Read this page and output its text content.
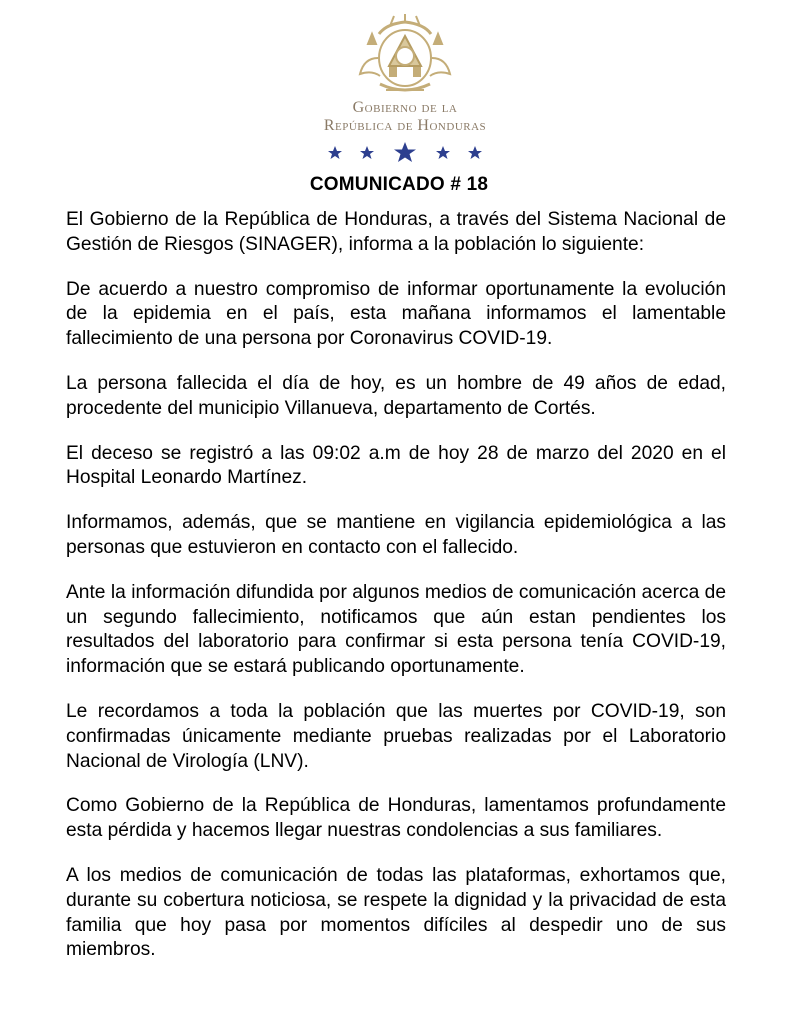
Gobierno de la
República de Honduras
COMUNICADO # 18

El Gobierno de la República de Honduras, a través del Sistema Nacional de Gestión de Riesgos (SINAGER), informa a la población lo siguiente:

De acuerdo a nuestro compromiso de informar oportunamente la evolución de la epidemia en el país, esta mañana informamos el lamentable fallecimiento de una persona por Coronavirus COVID-19.

La persona fallecida el día de hoy, es un hombre de 49 años de edad, procedente del municipio Villanueva, departamento de Cortés.

El deceso se registró a las 09:02 a.m de hoy 28 de marzo del 2020 en el Hospital Leonardo Martínez.

Informamos, además, que se mantiene en vigilancia epidemiológica a las personas que estuvieron en contacto con el fallecido.

Ante la información difundida por algunos medios de comunicación acerca de un segundo fallecimiento, notificamos que aún estan pendientes los resultados del laboratorio para confirmar si esta persona tenía COVID-19, información que se estará publicando oportunamente.

Le recordamos a toda la población que las muertes por COVID-19, son confirmadas únicamente mediante pruebas realizadas por el Laboratorio Nacional de Virología (LNV).

Como Gobierno de la República de Honduras, lamentamos profundamente esta pérdida y hacemos llegar nuestras condolencias a sus familiares.

A los medios de comunicación de todas las plataformas, exhortamos que, durante su cobertura noticiosa, se respete la dignidad y la privacidad de esta familia que hoy pasa por momentos difíciles al despedir uno de sus miembros.
